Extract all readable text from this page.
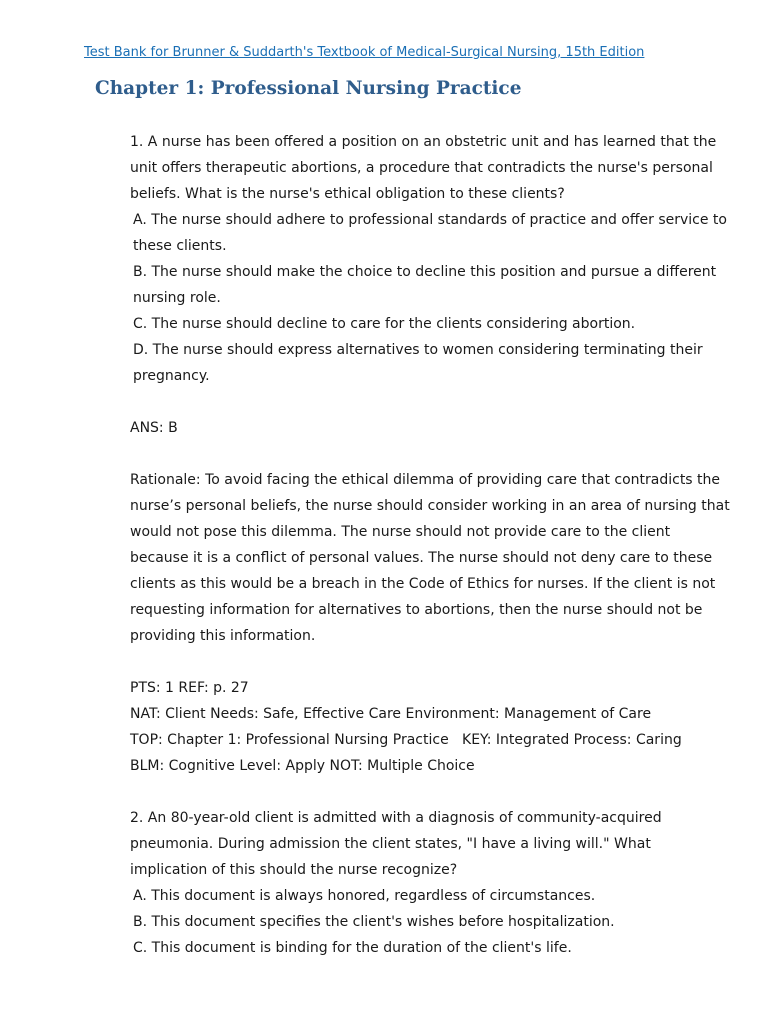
Test Bank for Brunner & Suddarth's Textbook of Medical-Surgical Nursing, 15th Edition
Chapter 1: Professional Nursing Practice

1. A nurse has been offered a position on an obstetric unit and has learned that the unit offers therapeutic abortions, a procedure that contradicts the nurse's personal beliefs. What is the nurse's ethical obligation to these clients?

A. The nurse should adhere to professional standards of practice and offer service to these clients.

B. The nurse should make the choice to decline this position and pursue a different nursing role.

C. The nurse should decline to care for the clients considering abortion.

D. The nurse should express alternatives to women considering terminating their pregnancy.

ANS: B

Rationale: To avoid facing the ethical dilemma of providing care that contradicts the nurse’s personal beliefs, the nurse should consider working in an area of nursing that would not pose this dilemma. The nurse should not provide care to the client because it is a conflict of personal values. The nurse should not deny care to these clients as this would be a breach in the Code of Ethics for nurses. If the client is not requesting information for alternatives to abortions, then the nurse should not be providing this information.

PTS: 1 REF: p. 27

NAT: Client Needs: Safe, Effective Care Environment: Management of Care

TOP: Chapter 1: Professional Nursing Practice   KEY: Integrated Process: Caring

BLM: Cognitive Level: Apply NOT: Multiple Choice

2. An 80-year-old client is admitted with a diagnosis of community-acquired pneumonia. During admission the client states, "I have a living will." What implication of this should the nurse recognize?

A. This document is always honored, regardless of circumstances.

B. This document specifies the client's wishes before hospitalization.

C. This document is binding for the duration of the client's life.
